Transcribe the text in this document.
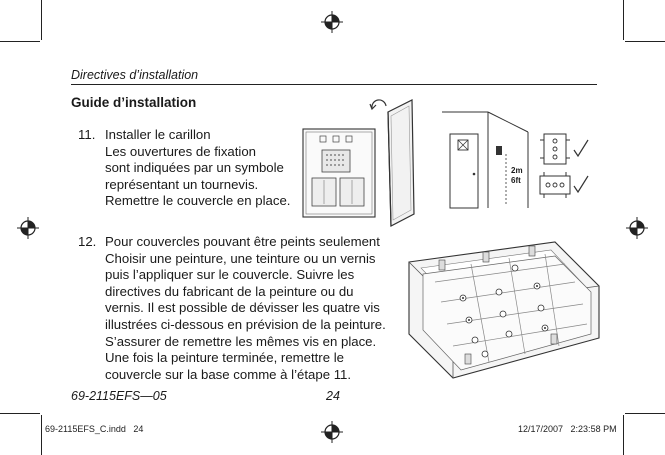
Directives d’installation
Guide d’installation
11. Installer le carillon
Les ouvertures de fixation
sont indiquées par un symbole
représentant un tournevis.
Remettre le couvercle en place.
12. Pour couvercles pouvant être peints seulement
Choisir une peinture, une teinture ou un vernis
puis l’appliquer sur le couvercle. Suivre les
directives du fabricant de la peinture ou du
vernis. Il est possible de dévisser les quatre vis
illustrées ci-dessous en prévision de la peinture.
S’assurer de remettre les mêmes vis en place.
Une fois la peinture terminée, remettre le
couvercle sur la base comme à l’étape 11.
2m
6ft
69-2115EFS—05	24
69-2115EFS_C.indd   24	12/17/2007   2:23:58 PM
